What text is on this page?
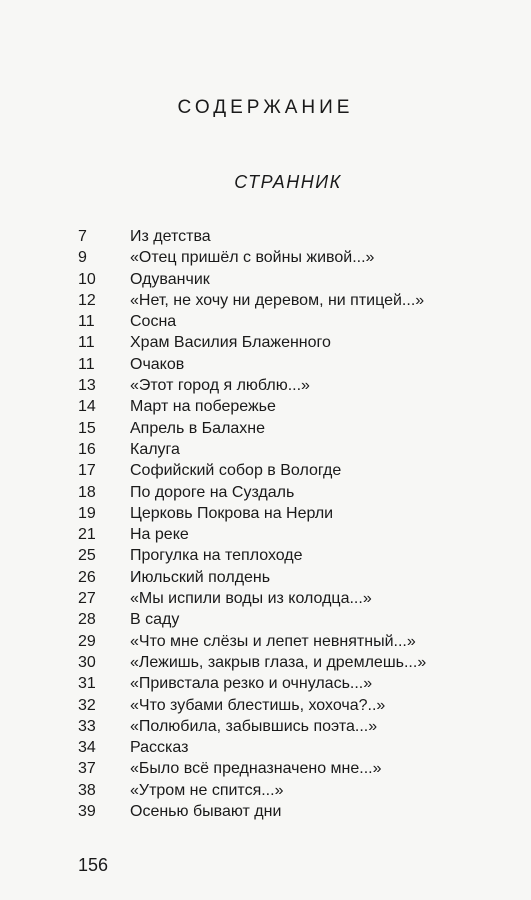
СОДЕРЖАНИЕ
СТРАННИК
7	Из детства
9	«Отец пришёл с войны живой...»
10	Одуванчик
12	«Нет, не хочу ни деревом, ни птицей...»
11	Сосна
11	Храм Василия Блаженного
11	Очаков
13	«Этот город я люблю...»
14	Март на побережье
15	Апрель в Балахне
16	Калуга
17	Софийский собор в Вологде
18	По дороге на Суздаль
19	Церковь Покрова на Нерли
21	На реке
25	Прогулка на теплоходе
26	Июльский полдень
27	«Мы испили воды из колодца...»
28	В саду
29	«Что мне слёзы и лепет невнятный...»
30	«Лежишь, закрыв глаза, и дремлешь...»
31	«Привстала резко и очнулась...»
32	«Что зубами блестишь, хохоча?..»
33	«Полюбила, забывшись поэта...»
34	Рассказ
37	«Было всё предназначено мне...»
38	«Утром не спится...»
39	Осенью бывают дни
156
